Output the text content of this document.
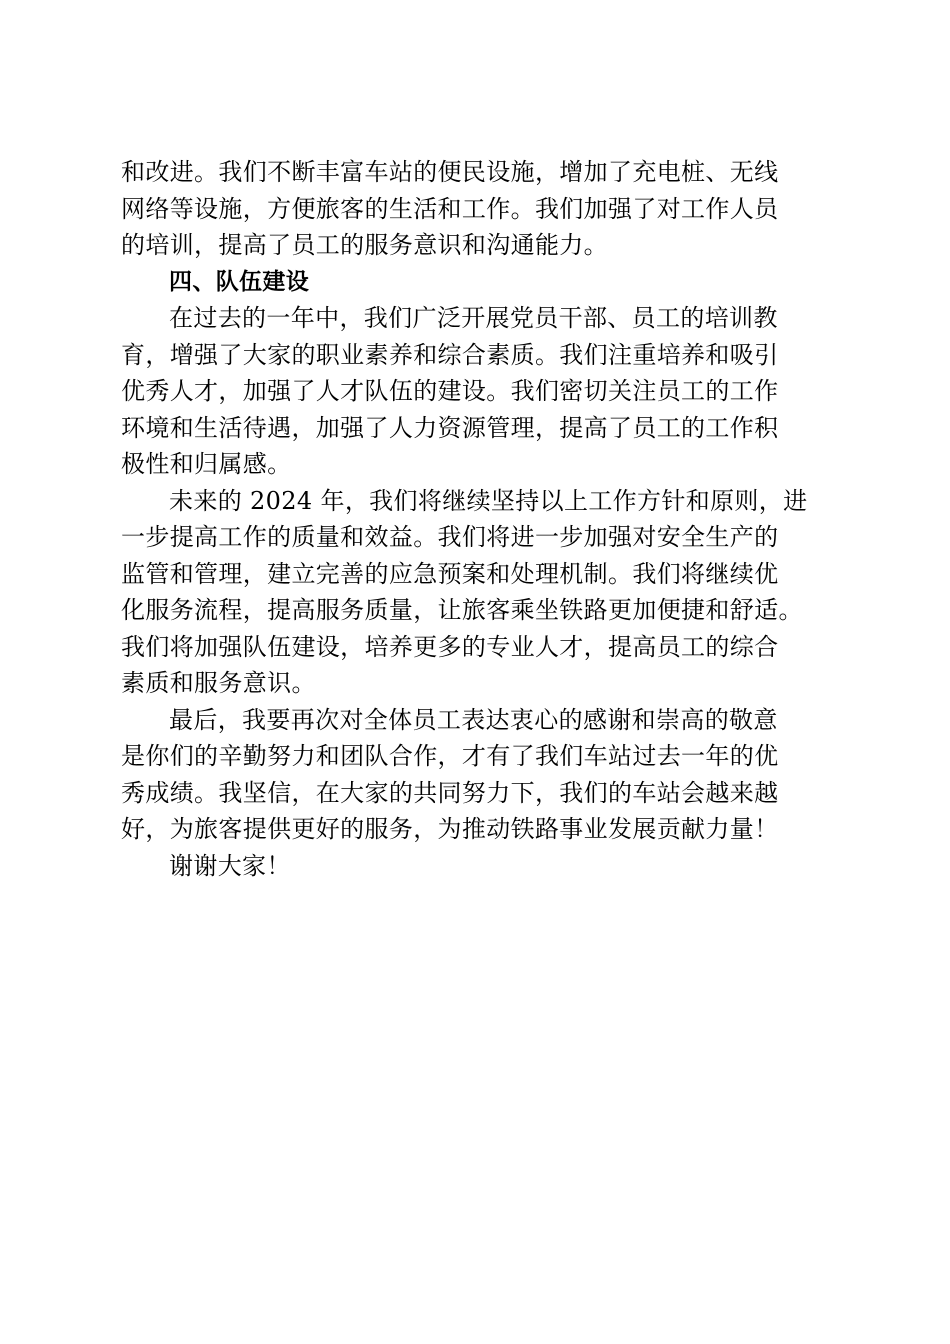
和改进。我们不断丰富车站的便民设施，增加了充电桩、无线
网络等设施，方便旅客的生活和工作。我们加强了对工作人员
的培训，提高了员工的服务意识和沟通能力。

四、队伍建设

在过去的一年中，我们广泛开展党员干部、员工的培训教
育，增强了大家的职业素养和综合素质。我们注重培养和吸引
优秀人才，加强了人才队伍的建设。我们密切关注员工的工作
环境和生活待遇，加强了人力资源管理，提高了员工的工作积
极性和归属感。

未来的 2024 年，我们将继续坚持以上工作方针和原则，进
一步提高工作的质量和效益。我们将进一步加强对安全生产的
监管和管理，建立完善的应急预案和处理机制。我们将继续优
化服务流程，提高服务质量，让旅客乘坐铁路更加便捷和舒适。
我们将加强队伍建设，培养更多的专业人才，提高员工的综合
素质和服务意识。

最后，我要再次对全体员工表达衷心的感谢和崇高的敬意
是你们的辛勤努力和团队合作，才有了我们车站过去一年的优
秀成绩。我坚信，在大家的共同努力下，我们的车站会越来越
好，为旅客提供更好的服务，为推动铁路事业发展贡献力量！

谢谢大家！
